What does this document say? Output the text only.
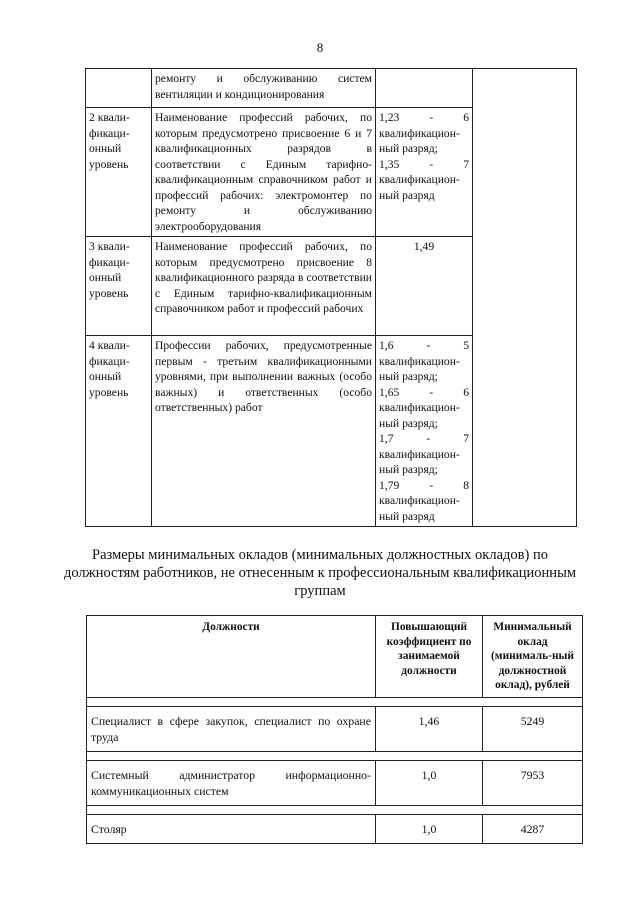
8
	ремонту и обслуживанию систем вентиляции и кондиционирования		
2 квали-фикаци-онный уровень	Наименование профессий рабочих, по которым предусмотрено присвоение 6 и 7 квалификационных разрядов в соответствии с Единым тарифно-квалификационным справочником работ и профессий рабочих: электромонтер по ремонту и обслуживанию электрооборудования	1,23 - 6 квалификацион-ный разряд;
1,35 - 7 квалификацион-ный разряд	

3 квали-фикаци-онный уровень	Наименование профессий рабочих, по которым предусмотрено присвоение 8 квалификационного разряда в соответствии с Единым тарифно-квалификационным справочником работ и профессий рабочих	1,49	

4 квали-фикаци-онный уровень	Профессии рабочих, предусмотренные первым - третьим квалификационными уровнями, при выполнении важных (особо важных) и ответственных (особо ответственных) работ	1,6 - 5 квалификацион-ный разряд;
1,65 - 6 квалификацион-ный разряд;
1,7 - 7 квалификацион-ный разряд;
1,79 - 8 квалификацион-ный разряд	

Размеры минимальных окладов (минимальных должностных окладов) по должностям работников, не отнесенным к профессиональным квалификационным группам
Должности	Повышающий коэффициент по занимаемой должности	Минимальный оклад (минималь-ный должностной оклад), рублей

Специалист в сфере закупок, специалист по охране труда	1,46	5249

Системный администратор информационно-коммуникационных систем	1,0	7953

Столяр	1,0	4287
